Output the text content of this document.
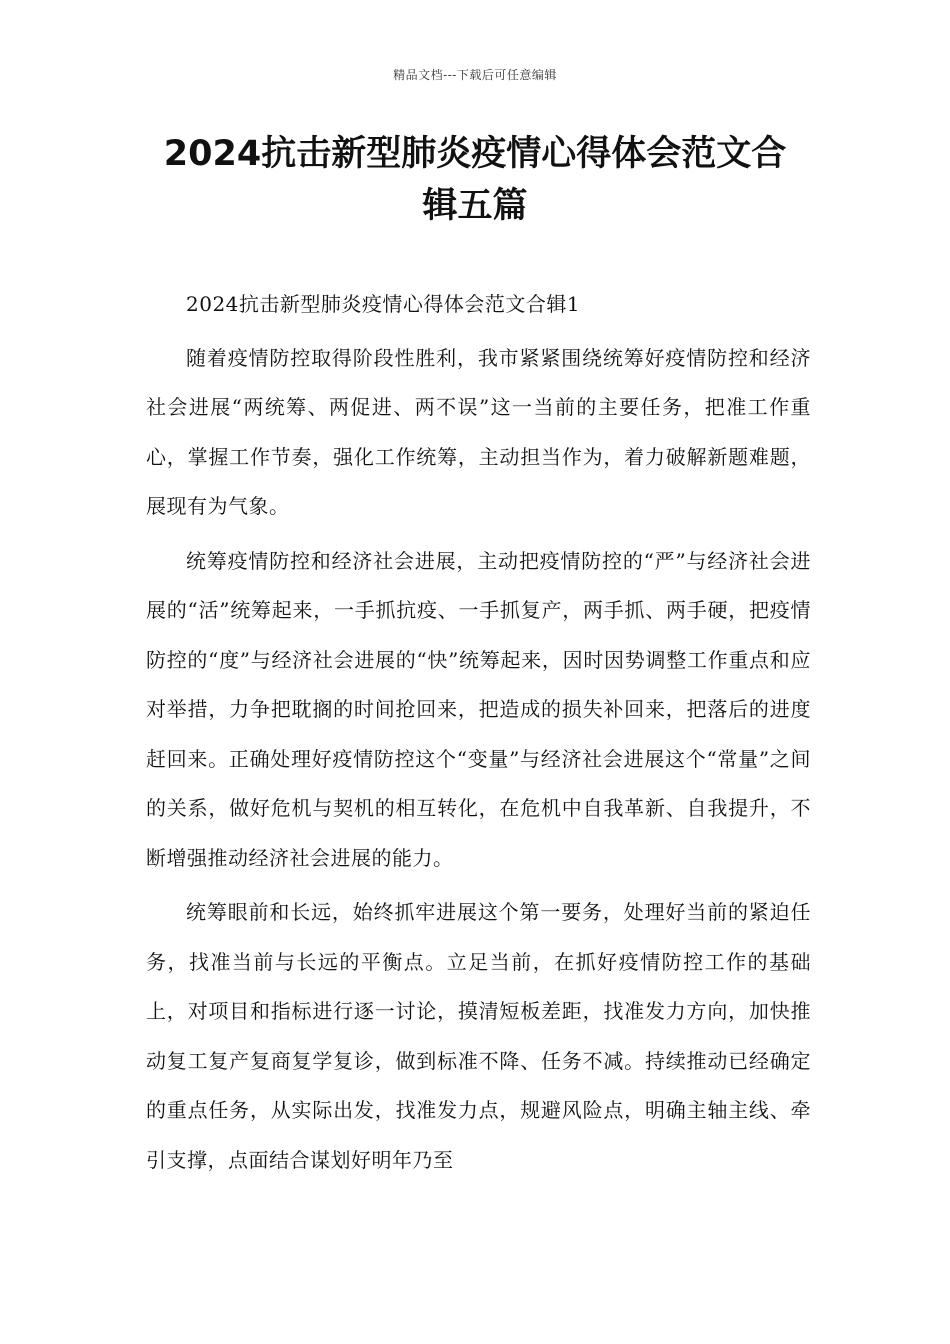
精品文档---下载后可任意编辑
2024抗击新型肺炎疫情心得体会范文合
辑五篇

2024抗击新型肺炎疫情心得体会范文合辑1

随着疫情防控取得阶段性胜利，我市紧紧围绕统筹好疫情防控和经济社会进展“两统筹、两促进、两不误”这一当前的主要任务，把准工作重心，掌握工作节奏，强化工作统筹，主动担当作为，着力破解新题难题，展现有为气象。

统筹疫情防控和经济社会进展，主动把疫情防控的“严”与经济社会进展的“活”统筹起来，一手抓抗疫、一手抓复产，两手抓、两手硬，把疫情防控的“度”与经济社会进展的“快”统筹起来，因时因势调整工作重点和应对举措，力争把耽搁的时间抢回来，把造成的损失补回来，把落后的进度赶回来。正确处理好疫情防控这个“变量”与经济社会进展这个“常量”之间的关系，做好危机与契机的相互转化，在危机中自我革新、自我提升，不断增强推动经济社会进展的能力。

统筹眼前和长远，始终抓牢进展这个第一要务，处理好当前的紧迫任务，找准当前与长远的平衡点。立足当前，在抓好疫情防控工作的基础上，对项目和指标进行逐一讨论，摸清短板差距，找准发力方向，加快推动复工复产复商复学复诊，做到标准不降、任务不减。持续推动已经确定的重点任务，从实际出发，找准发力点，规避风险点，明确主轴主线、牵引支撑，点面结合谋划好明年乃至
